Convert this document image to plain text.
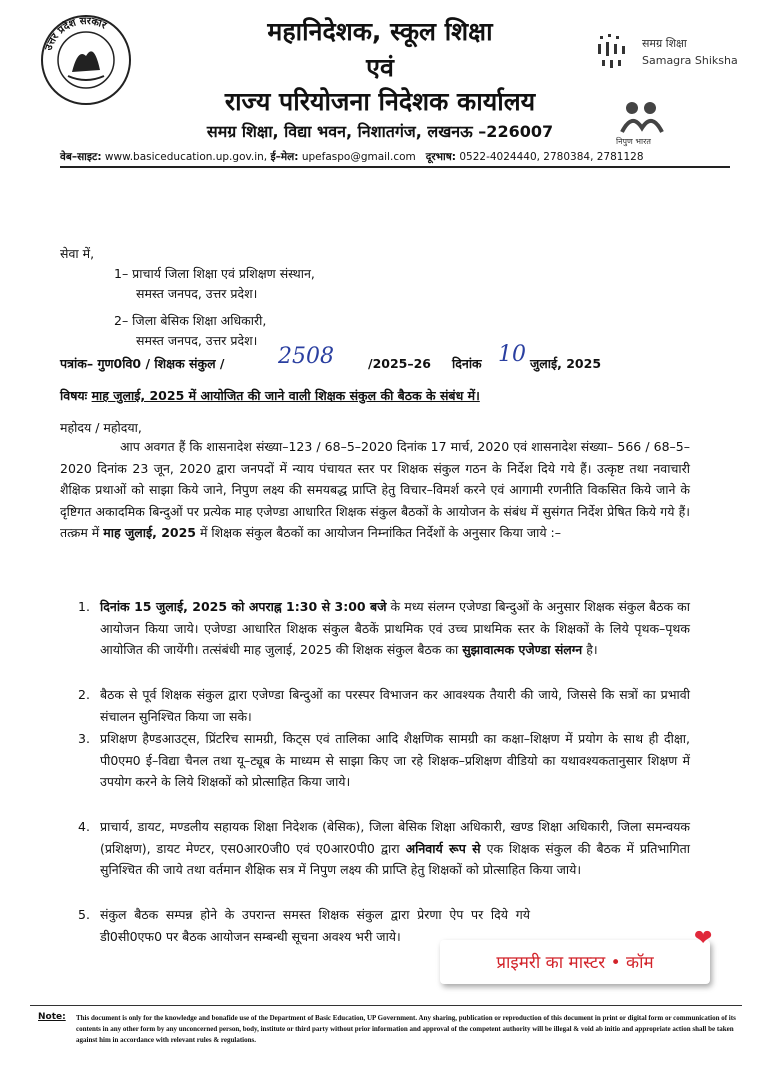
उत्तर प्रदेश सरकार	महानिदेशक, स्कूल शिक्षा
एवं
राज्य परियोजना निदेशक कार्यालय
समग्र शिक्षा, विद्या भवन, निशातगंज, लखनऊ –226007
समग्र शिक्षा
Samagra Shiksha
निपुण भारत
वेब–साइट: www.basiceducation.up.gov.in, ई–मेल: upefaspo@gmail.com दूरभाष: 0522-4024440, 2780384, 2781128
सेवा में,
1– प्राचार्य जिला शिक्षा एवं प्रशिक्षण संस्थान,
समस्त जनपद, उत्तर प्रदेश।
2– जिला बेसिक शिक्षा अधिकारी,
समस्त जनपद, उत्तर प्रदेश।
पत्रांक– गुण0वि0 / शिक्षक संकुल / 2508	/2025–26 दिनांक 10 जुलाई, 2025
विषयः माह जुलाई, 2025 में आयोजित की जाने वाली शिक्षक संकुल की बैठक के संबंध में।
महोदय / महोदया,
आप अवगत हैं कि शासनादेश संख्या–123 / 68–5–2020 दिनांक 17 मार्च, 2020 एवं शासनादेश संख्या– 566 / 68–5–2020 दिनांक 23 जून, 2020 द्वारा जनपदों में न्याय पंचायत स्तर पर शिक्षक संकुल गठन के निर्देश दिये गये हैं। उत्कृष्ट तथा नवाचारी शैक्षिक प्रथाओं को साझा किये जाने, निपुण लक्ष्य की समयबद्ध प्राप्ति हेतु विचार–विमर्श करने एवं आगामी रणनीति विकसित किये जाने के दृष्टिगत अकादमिक बिन्दुओं पर प्रत्येक माह एजेण्डा आधारित शिक्षक संकुल बैठकों के आयोजन के संबंध में सुसंगत निर्देश प्रेषित किये गये हैं। तत्क्रम में माह जुलाई, 2025 में शिक्षक संकुल बैठकों का आयोजन निम्नांकित निर्देशों के अनुसार किया जाये :–
1. दिनांक 15 जुलाई, 2025 को अपराह्न 1:30 से 3:00 बजे के मध्य संलग्न एजेण्डा बिन्दुओं के अनुसार शिक्षक संकुल बैठक का आयोजन किया जाये। एजेण्डा आधारित शिक्षक संकुल बैठकें प्राथमिक एवं उच्च प्राथमिक स्तर के शिक्षकों के लिये पृथक–पृथक आयोजित की जायेंगी। तत्संबंधी माह जुलाई, 2025 की शिक्षक संकुल बैठक का सुझावात्मक एजेण्डा संलग्न है।
2. बैठक से पूर्व शिक्षक संकुल द्वारा एजेण्डा बिन्दुओं का परस्पर विभाजन कर आवश्यक तैयारी की जाये, जिससे कि सत्रों का प्रभावी संचालन सुनिश्चित किया जा सके।
3. प्रशिक्षण हैण्डआउट्स, प्रिंटरिच सामग्री, किट्स एवं तालिका आदि शैक्षणिक सामग्री का कक्षा–शिक्षण में प्रयोग के साथ ही दीक्षा, पी0एम0 ई–विद्या चैनल तथा यू–ट्यूब के माध्यम से साझा किए जा रहे शिक्षक–प्रशिक्षण वीडियो का यथावश्यकतानुसार शिक्षण में उपयोग करने के लिये शिक्षकों को प्रोत्साहित किया जाये।
4. प्राचार्य, डायट, मण्डलीय सहायक शिक्षा निदेशक (बेसिक), जिला बेसिक शिक्षा अधिकारी, खण्ड शिक्षा अधिकारी, जिला समन्वयक (प्रशिक्षण), डायट मेण्टर, एस0आर0जी0 एवं ए0आर0पी0 द्वारा अनिवार्य रूप से एक शिक्षक संकुल की बैठक में प्रतिभागिता सुनिश्चित की जाये तथा वर्तमान शैक्षिक सत्र में निपुण लक्ष्य की प्राप्ति हेतु शिक्षकों को प्रोत्साहित किया जाये।
5. संकुल बैठक सम्पन्न होने के उपरान्त समस्त शिक्षक संकुल द्वारा प्रेरणा ऐप पर दिये गये डी0सी0एफ0 पर बैठक आयोजन सम्बन्धी सूचना अवश्य भरी जाये।
प्राइमरी का मास्टर • कॉम
❤
Note: This document is only for the knowledge and bonafide use of the Department of Basic Education, UP Government. Any sharing, publication or reproduction of this document in print or digital form or communication of its contents in any other form by any unconcerned person, body, institute or third party without prior information and approval of the competent authority will be illegal & void ab initio and appropriate action shall be taken against him in accordance with relevant rules & regulations.
